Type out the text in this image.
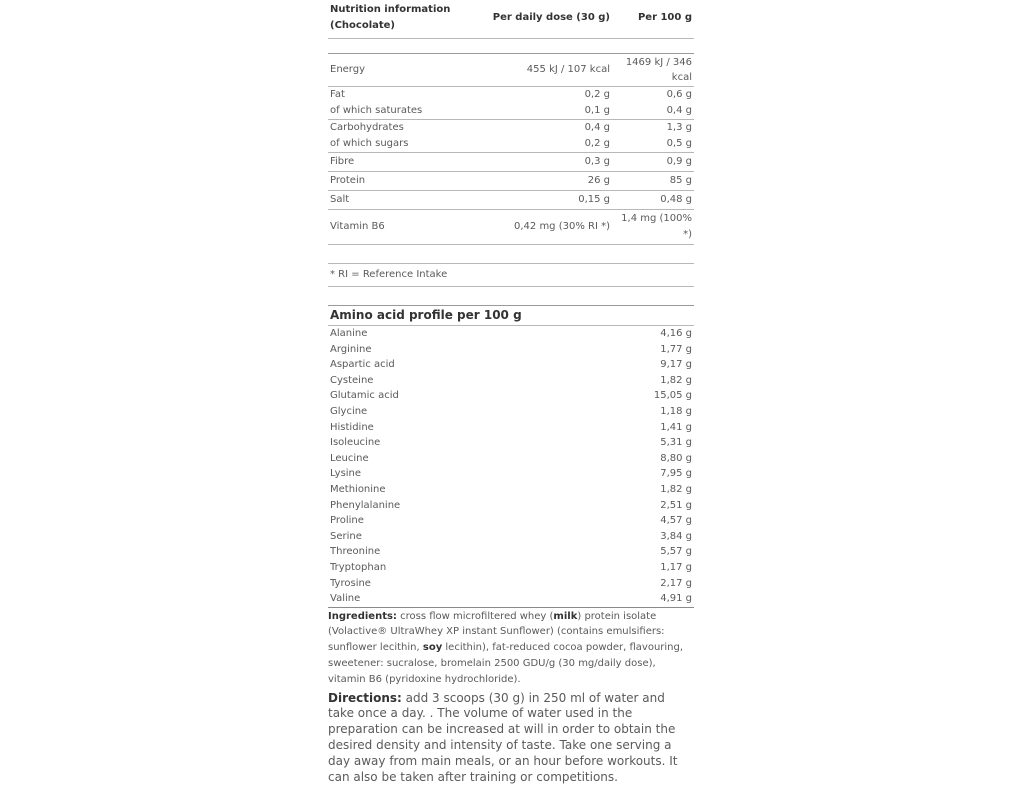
Nutrition information (Chocolate)	Per daily dose (30 g)	Per 100 g

Energy	455 kJ / 107 kcal	1469 kJ / 346 kcal
Fat	0,2 g	0,6 g
of which saturates	0,1 g	0,4 g
Carbohydrates	0,4 g	1,3 g
of which sugars	0,2 g	0,5 g
Fibre	0,3 g	0,9 g
Protein	26 g	85 g
Salt	0,15 g	0,48 g
Vitamin B6	0,42 mg (30% RI *)	1,4 mg (100% *)
* RI = Reference Intake
Amino acid profile per 100 g
Alanine	4,16 g
Arginine	1,77 g
Aspartic acid	9,17 g
Cysteine	1,82 g
Glutamic acid	15,05 g
Glycine	1,18 g
Histidine	1,41 g
Isoleucine	5,31 g
Leucine	8,80 g
Lysine	7,95 g
Methionine	1,82 g
Phenylalanine	2,51 g
Proline	4,57 g
Serine	3,84 g
Threonine	5,57 g
Tryptophan	1,17 g
Tyrosine	2,17 g
Valine	4,91 g
Ingredients: cross flow microfiltered whey (milk) protein isolate (Volactive® UltraWhey XP instant Sunflower) (contains emulsifiers: sunflower lecithin, soy lecithin), fat-reduced cocoa powder, flavouring, sweetener: sucralose, bromelain 2500 GDU/g (30 mg/daily dose), vitamin B6 (pyridoxine hydrochloride).
Directions: add 3 scoops (30 g) in 250 ml of water and take once a day. . The volume of water used in the preparation can be increased at will in order to obtain the desired density and intensity of taste. Take one serving a day away from main meals, or an hour before workouts. It can also be taken after training or competitions.
